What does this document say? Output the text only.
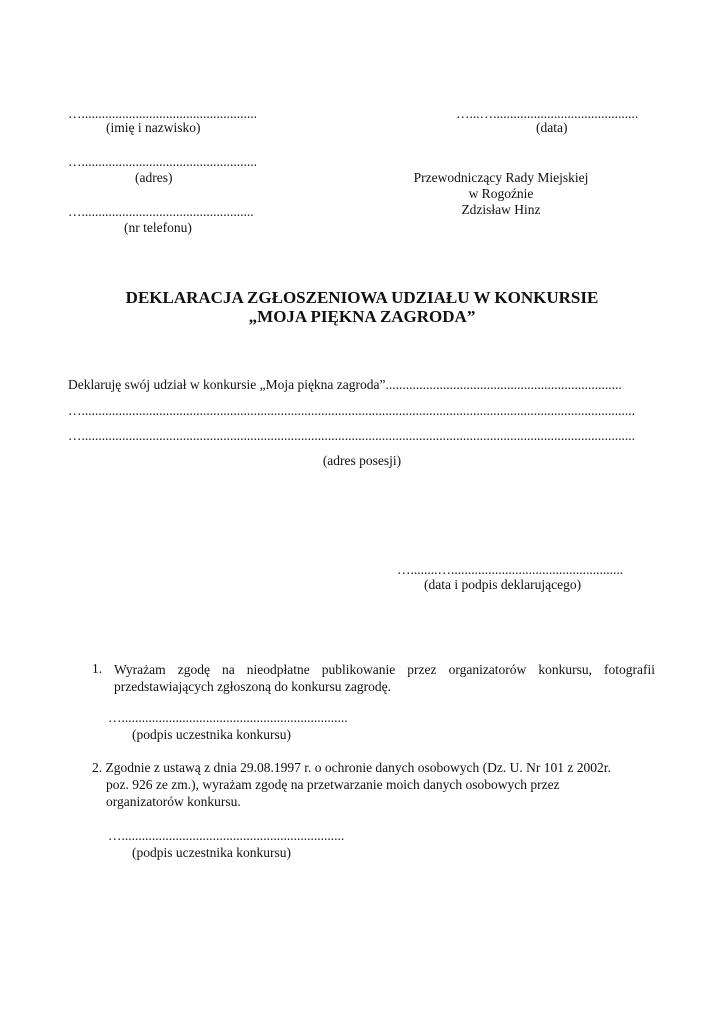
…....................................................
(imię i nazwisko)
…....................................................
(adres)
…...................................................
(nr telefonu)
…...…...........................................
(data)
Przewodniczący Rady Miejskiej
w Rogoźnie
Zdzisław Hinz
DEKLARACJA ZGŁOSZENIOWA UDZIAŁU W KONKURSIE
„MOJA PIĘKNA ZAGRODA”
Deklaruję swój udział w konkursie „Moja piękna zagroda”......................................................................
…....................................................................................................................................................................
…....................................................................................................................................................................
(adres posesji)
…........…...................................................
(data i podpis deklarującego)
1. Wyrażam zgodę na nieodpłatne publikowanie przez organizatorów konkursu, fotografii przedstawiających zgłoszoną do konkursu zagrodę.
…...................................................................
(podpis uczestnika konkursu)
2. Zgodnie z ustawą z dnia 29.08.1997 r. o ochronie danych osobowych (Dz. U. Nr 101 z 2002r.
poz. 926 ze zm.), wyrażam zgodę na przetwarzanie moich danych osobowych przez
organizatorów konkursu.
…..................................................................
(podpis uczestnika konkursu)
